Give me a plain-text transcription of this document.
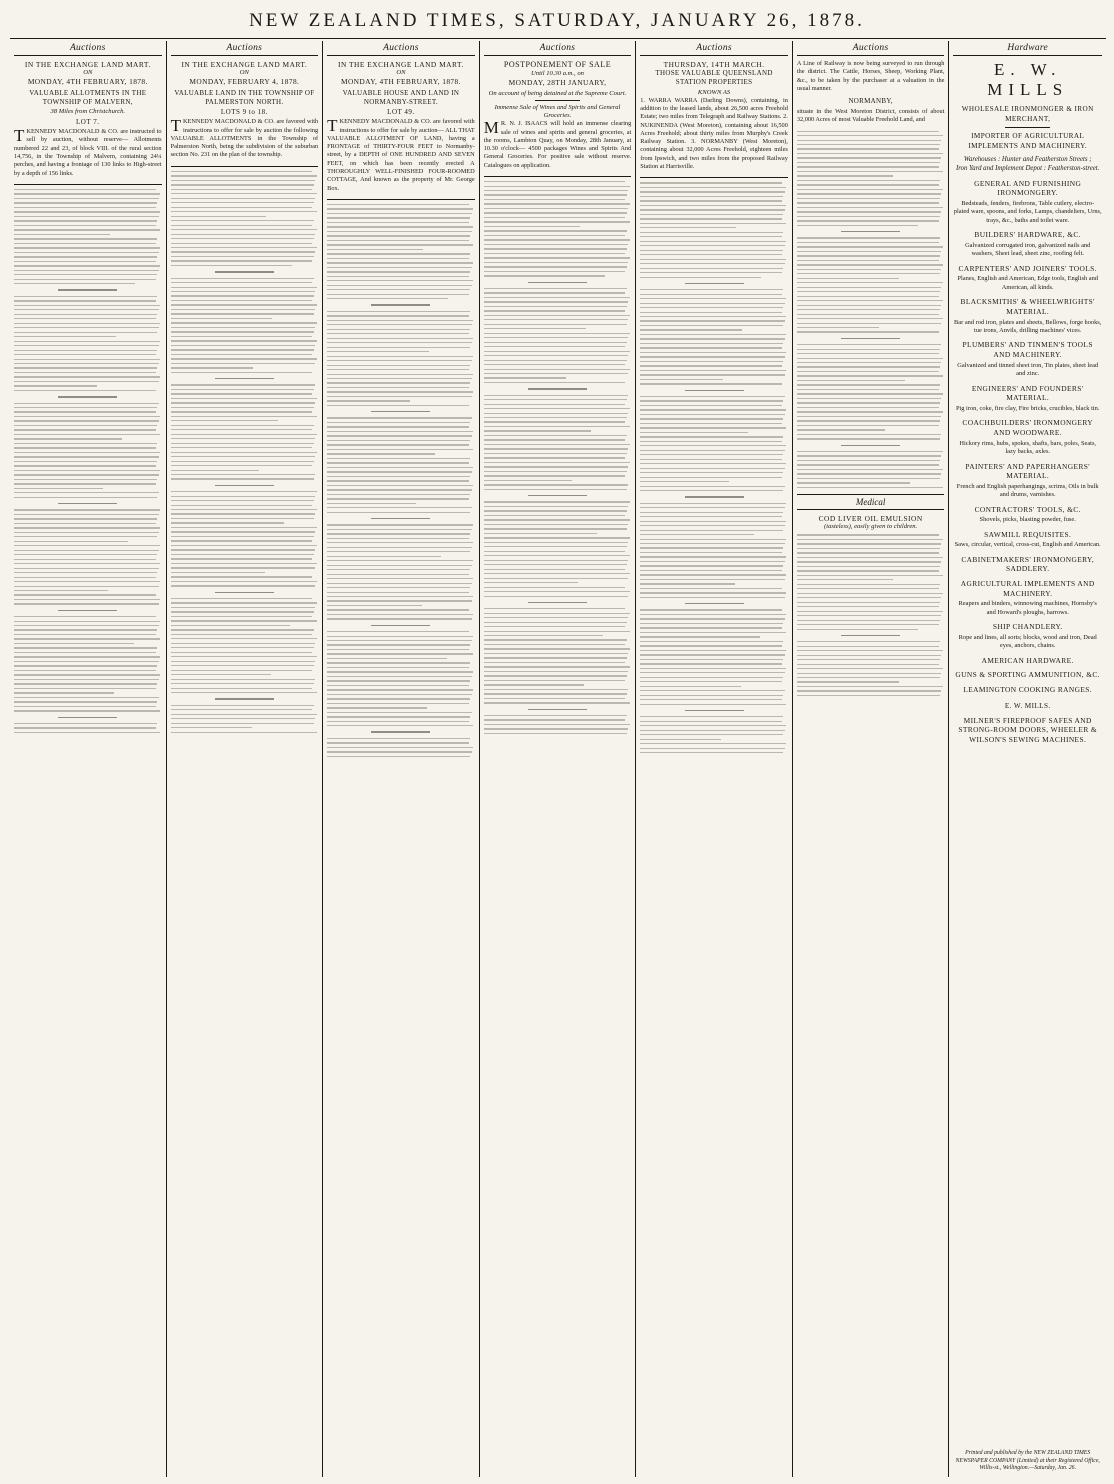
NEW ZEALAND TIMES, SATURDAY, JANUARY 26, 1878.
Auctions
IN THE EXCHANGE LAND MART.
ON
MONDAY, 4TH FEBRUARY, 1878.
VALUABLE ALLOTMENTS IN THE TOWNSHIP OF MALVERN,
38 Miles from Christchurch.
LOT 7.
TKENNEDY MACDONALD & CO. are instructed to sell by auction, without reserve— Allotments numbered 22 and 23, of block VIII. of the rural section 14,756, in the Township of Malvern, containing 24¼ perches, and having a frontage of 130 links to High-street by a depth of 156 links.
Auctions
IN THE EXCHANGE LAND MART.
ON
MONDAY, FEBRUARY 4, 1878.
VALUABLE LAND IN THE TOWNSHIP OF PALMERSTON NORTH.
LOTS 9 to 18.
TKENNEDY MACDONALD & CO. are favored with instructions to offer for sale by auction the following VALUABLE ALLOTMENTS in the Township of Palmerston North, being the subdivision of the suburban section No. 231 on the plan of the township.
Auctions
IN THE EXCHANGE LAND MART.
ON
MONDAY, 4TH FEBRUARY, 1878.
VALUABLE HOUSE AND LAND IN NORMANBY-STREET.
LOT 49.
TKENNEDY MACDONALD & CO. are favored with instructions to offer for sale by auction— ALL THAT VALUABLE ALLOTMENT OF LAND, having a FRONTAGE of THIRTY-FOUR FEET to Normanby-street, by a DEPTH of ONE HUNDRED AND SEVEN FEET, on which has been recently erected A THOROUGHLY WELL-FINISHED FOUR-ROOMED COTTAGE, And known as the property of Mr. George Box.
Auctions
POSTPONEMENT OF SALE
Until 10.30 a.m., on
MONDAY, 28TH JANUARY,
On account of being detained at the Supreme Court.
Immense Sale of Wines and Spirits and General Groceries.
M R. N. J. ISAACS will hold an immense clearing sale of wines and spirits and general groceries, at the rooms, Lambton Quay, on Monday, 28th January, at 10.30 o'clock— 4500 packages Wines and Spirits And General Groceries. For positive sale without reserve. Catalogues on application.
Auctions
THURSDAY, 14TH MARCH.
THOSE VALUABLE QUEENSLAND STATION PROPERTIES
KNOWN AS
1. WARRA WARRA (Darling Downs), containing, in addition to the leased lands, about 26,500 acres Freehold Estate; two miles from Telegraph and Railway Stations. 2. NUKINENDA (West Moreton), containing about 16,500 Acres Freehold; about thirty miles from Murphy's Creek Railway Station. 3. NORMANBY (West Moreton), containing about 32,000 Acres Freehold, eighteen miles from Ipswich, and two miles from the proposed Railway Station at Harrisville.
Auctions
A Line of Railway is now being surveyed to run through the district. The Cattle, Horses, Sheep, Working Plant, &c., to be taken by the purchaser at a valuation in the usual manner.
NORMANBY,
situate in the West Moreton District, consists of about 32,000 Acres of most Valuable Freehold Land, and
Medical
COD LIVER OIL EMULSION
(tasteless), easily given to children.
Hardware
E. W. MILLS
WHOLESALE IRONMONGER & IRON MERCHANT,
IMPORTER OF AGRICULTURAL IMPLEMENTS AND MACHINERY.
Warehouses : Hunter and Featherston Streets ;
Iron Yard and Implement Depot : Featherston-street.
GENERAL AND FURNISHING IRONMONGERY.
Bedsteads, fenders, firebrons, Table cutlery, electro-plated ware, spoons, and forks, Lamps, chandeliers, Urns, trays, &c., baths and toilet ware.
BUILDERS' HARDWARE, &C.
Galvanized corrugated iron, galvanized nails and washers, Sheet lead, sheet zinc, roofing felt.
CARPENTERS' AND JOINERS' TOOLS.
Planes, English and American, Edge tools, English and American, all kinds.
BLACKSMITHS' & WHEELWRIGHTS' MATERIAL.
Bar and rod iron, plates and sheets, Bellows, forge hooks, tue irons, Anvils, drilling machines' vices.
PLUMBERS' AND TINMEN'S TOOLS AND MACHINERY.
Galvanized and tinned sheet iron, Tin plates, sheet lead and zinc.
ENGINEERS' AND FOUNDERS' MATERIAL.
Pig iron, coke, fire clay, Fire bricks, crucibles, black tin.
COACHBUILDERS' IRONMONGERY AND WOODWARE.
Hickory rims, hubs, spokes, shafts, bars, poles, Seats, lazy backs, axles.
PAINTERS' AND PAPERHANGERS' MATERIAL.
French and English paperhangings, scrims, Oils in bulk and drums, varnishes.
CONTRACTORS' TOOLS, &C.
Shovels, picks, blasting powder, fuse.
SAWMILL REQUISITES.
Saws, circular, vertical, cross-cut, English and American.
CABINETMAKERS' IRONMONGERY, SADDLERY.
AGRICULTURAL IMPLEMENTS AND MACHINERY.
Reapers and binders, winnowing machines, Hornsby's and Howard's ploughs, harrows.
SHIP CHANDLERY.
Rope and lines, all sorts; blocks, wood and iron, Dead eyes, anchors, chains.
AMERICAN HARDWARE.
GUNS & SPORTING AMMUNITION, &C.
LEAMINGTON COOKING RANGES.
E. W. MILLS.
MILNER'S FIREPROOF SAFES AND STRONG-ROOM DOORS, WHEELER & WILSON'S SEWING MACHINES.
Printed and published by the NEW ZEALAND TIMES NEWSPAPER COMPANY (Limited) at their Registered Office, Willis-st., Wellington.—Saturday, Jan. 26.
